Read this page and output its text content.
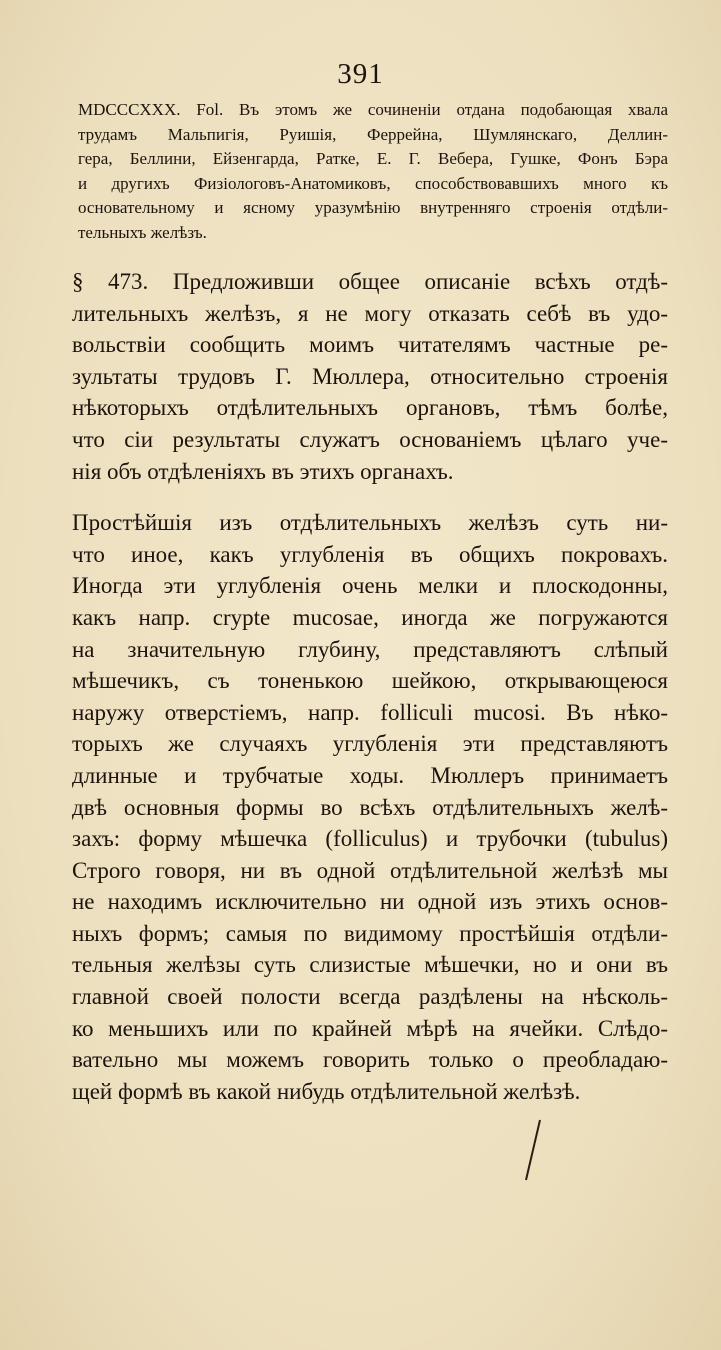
391
MDCCCXXX. Fol. Въ этомъ же сочиненіи отдана подобающая хвала
трудамъ Мальпигія, Руишія, Феррейна, Шумлянскаго, Деллин-
гера, Беллини, Ейзенгарда, Ратке, Е. Г. Вебера, Гушке, Фонъ Бэра
и другихъ Физіологовъ-Анатомиковъ, способствовавшихъ много къ
основательному и ясному уразумѣнію внутренняго строенія отдѣли-
тельныхъ желѣзъ.
§ 473. Предложивши общее описаніе всѣхъ отдѣ-
лительныхъ желѣзъ, я не могу отказать себѣ въ удо-
вольствіи сообщить моимъ читателямъ частные ре-
зультаты трудовъ Г. Мюллера, относительно строенія
нѣкоторыхъ отдѣлительныхъ органовъ, тѣмъ болѣе,
что сіи результаты служатъ основаніемъ цѣлаго уче-
нія объ отдѣленіяхъ въ этихъ органахъ.
Простѣйшія изъ отдѣлительныхъ желѣзъ суть ни-
что иное, какъ углубленія въ общихъ покровахъ.
Иногда эти углубленія очень мелки и плоскодонны,
какъ напр. crypte mucosae, иногда же погружаются
на значительную глубину, представляютъ слѣпый
мѣшечикъ, съ тоненькою шейкою, открывающеюся
наружу отверстіемъ, напр. folliculi mucosi. Въ нѣко-
торыхъ же случаяхъ углубленія эти представляютъ
длинные и трубчатые ходы. Мюллеръ принимаетъ
двѣ основныя формы во всѣхъ отдѣлительныхъ желѣ-
захъ: форму мѣшечка (folliculus) и трубочки (tubulus)
Строго говоря, ни въ одной отдѣлительной желѣзѣ мы
не находимъ исключительно ни одной изъ этихъ основ-
ныхъ формъ; самыя по видимому простѣйшія отдѣли-
тельныя желѣзы суть слизистые мѣшечки, но и они въ
главной своей полости всегда раздѣлены на нѣсколь-
ко меньшихъ или по крайней мѣрѣ на ячейки. Слѣдо-
вательно мы можемъ говорить только о преобладаю-
щей формѣ въ какой нибудь отдѣлительной желѣзѣ.
